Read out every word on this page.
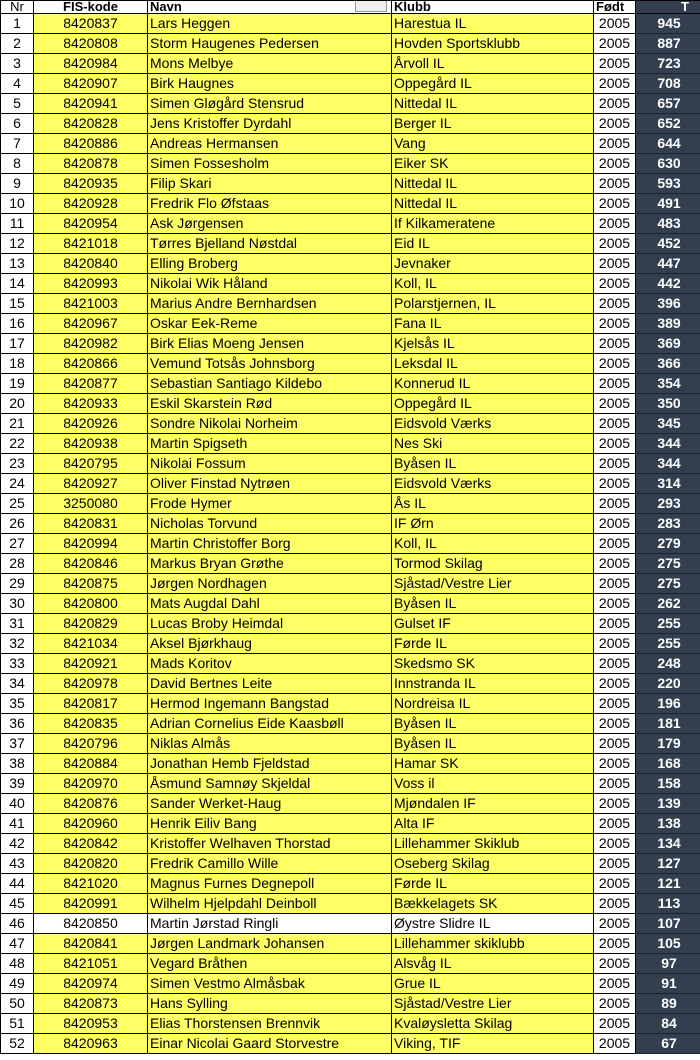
Nr	FIS-kode	Navn	Klubb	Født	T
1	8420837	Lars Heggen	Harestua IL	2005	945
2	8420808	Storm Haugenes Pedersen	Hovden Sportsklubb	2005	887
3	8420984	Mons Melbye	Årvoll IL	2005	723
4	8420907	Birk Haugnes	Oppegård IL	2005	708
5	8420941	Simen Gløgård Stensrud	Nittedal IL	2005	657
6	8420828	Jens Kristoffer Dyrdahl	Berger IL	2005	652
7	8420886	Andreas Hermansen	Vang	2005	644
8	8420878	Simen Fossesholm	Eiker SK	2005	630
9	8420935	Filip Skari	Nittedal IL	2005	593
10	8420928	Fredrik Flo Øfstaas	Nittedal IL	2005	491
11	8420954	Ask Jørgensen	If Kilkameratene	2005	483
12	8421018	Tørres Bjelland Nøstdal	Eid IL	2005	452
13	8420840	Elling Broberg	Jevnaker	2005	447
14	8420993	Nikolai Wik Håland	Koll, IL	2005	442
15	8421003	Marius Andre Bernhardsen	Polarstjernen, IL	2005	396
16	8420967	Oskar Eek-Reme	Fana IL	2005	389
17	8420982	Birk Elias Moeng Jensen	Kjelsås IL	2005	369
18	8420866	Vemund Totsås Johnsborg	Leksdal IL	2005	366
19	8420877	Sebastian Santiago Kildebo	Konnerud IL	2005	354
20	8420933	Eskil Skarstein Rød	Oppegård IL	2005	350
21	8420926	Sondre Nikolai Norheim	Eidsvold Værks	2005	345
22	8420938	Martin Spigseth	Nes Ski	2005	344
23	8420795	Nikolai Fossum	Byåsen IL	2005	344
24	8420927	Oliver Finstad Nytrøen	Eidsvold Værks	2005	314
25	3250080	Frode Hymer	Ås IL	2005	293
26	8420831	Nicholas Torvund	IF Ørn	2005	283
27	8420994	Martin Christoffer Borg	Koll, IL	2005	279
28	8420846	Markus Bryan Grøthe	Tormod Skilag	2005	275
29	8420875	Jørgen Nordhagen	Sjåstad/Vestre Lier	2005	275
30	8420800	Mats Augdal Dahl	Byåsen IL	2005	262
31	8420829	Lucas Broby Heimdal	Gulset IF	2005	255
32	8421034	Aksel Bjørkhaug	Førde IL	2005	255
33	8420921	Mads Koritov	Skedsmo SK	2005	248
34	8420978	David Bertnes Leite	Innstranda IL	2005	220
35	8420817	Hermod Ingemann Bangstad	Nordreisa IL	2005	196
36	8420835	Adrian Cornelius Eide Kaasbøll	Byåsen IL	2005	181
37	8420796	Niklas Almås	Byåsen IL	2005	179
38	8420884	Jonathan Hemb Fjeldstad	Hamar SK	2005	168
39	8420970	Åsmund Samnøy Skjeldal	Voss il	2005	158
40	8420876	Sander Werket-Haug	Mjøndalen IF	2005	139
41	8420960	Henrik Eiliv Bang	Alta IF	2005	138
42	8420842	Kristoffer Welhaven Thorstad	Lillehammer Skiklub	2005	134
43	8420820	Fredrik Camillo Wille	Oseberg Skilag	2005	127
44	8421020	Magnus Furnes Degnepoll	Førde IL	2005	121
45	8420991	Wilhelm Hjelpdahl Deinboll	Bækkelagets SK	2005	113
46	8420850	Martin Jørstad Ringli	Øystre Slidre IL	2005	107
47	8420841	Jørgen Landmark Johansen	Lillehammer skiklubb	2005	105
48	8421051	Vegard Bråthen	Alsvåg IL	2005	97
49	8420974	Simen Vestmo Almåsbak	Grue IL	2005	91
50	8420873	Hans Sylling	Sjåstad/Vestre Lier	2005	89
51	8420953	Elias Thorstensen Brennvik	Kvaløysletta Skilag	2005	84
52	8420963	Einar Nicolai Gaard Storvestre	Viking, TIF	2005	67
